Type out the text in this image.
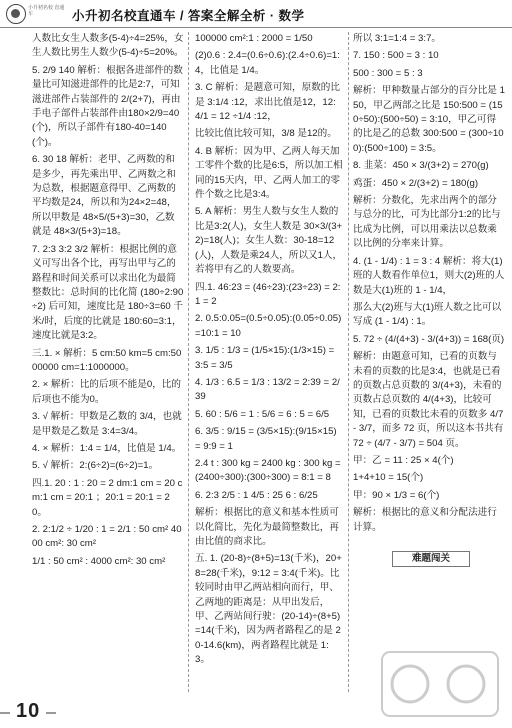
小升初名校 直通车	小升初名校直通车 / 答案全解全析 · 数学

人数比女生人数多(5-4)÷4=25%，女生人数比男生人数少(5-4)÷5=20%。

5. 2/9 140 解析：根据各进部件的数量比可知滋进部件的比是2:7，可知滋进部件占装部件的 2/(2+7)，再由手电子部件占装部件由180×2/9=40(个)，所以子部件有180-40=140(个)。

6. 30 18 解析：老甲、乙两数的和是多少，再先乘出甲、乙两数之和为总数，根据题意得甲、乙两数的平均数是24，所以和为24×2=48，所以甲数是 48×5/(5+3)=30，乙数就是 48×3/(5+3)=18。

7. 2:3 3:2 3/2 解析：根据比例的意义可写出各个比，再写出甲与乙的路程和时间关系可以求出化为最简整数比：总时间的比化简 (180÷2:90÷2) 后可知，速度比是 180÷3=60 千米/时，后度的比就是 180:60=3:1，速度比就是3:2。

三.1. × 解析：5 cm:50 km=5 cm:5000000 cm=1:1000000。

2. × 解析：比的后项不能是0，比的后项也不能为0。

3. √ 解析：甲数是乙数的 3/4，也就是甲数是乙数是 3:4=3/4。

4. × 解析：1:4 = 1/4，比值是 1/4。

5. √ 解析：2:(6÷2)=(6÷2)=1。

四.1. 20 : 1 : 20 = 2 dm:1 cm = 20 cm:1 cm = 20:1 ；20:1 = 20:1 = 20。

2. 2:1/2 ÷ 1/20 : 1 = 2/1 : 50 cm² 4000 cm²: 30 cm²

1/1 : 50 cm² : 4000 cm²: 30 cm²

100000 cm²:1 : 2000 = 1/50

(2)0.6 : 2.4=(0.6÷0.6):(2.4÷0.6)=1:4，比值是 1/4。

3. C 解析：是题意可知，原数的比是 3:1/4 :12，求出比值是12，12:4/1 = 12 ÷1/4 :12，

比较比值比较可知，3/8 是12的。

4. B 解析：因为甲、乙两人每天加工零件个数的比是6:5，所以加工相同的15天内，甲、乙两人加工的零件个数之比是3:4。

5. A 解析：男生人数与女生人数的比是3:2(人)，女生人数是 30×3/(3+2)=18(人)；女生人数：30-18=12(人)，人数是乘24人，所以又1人，若将甲有乙的人数要高。

四.1. 46:23 = (46÷23):(23÷23) = 2:1 = 2

2. 0.5:0.05=(0.5÷0.05):(0.05÷0.05)=10:1 = 10

3. 1/5 : 1/3 = (1/5×15):(1/3×15) = 3:5 = 3/5

4. 1/3 : 6.5 = 1/3 : 13/2 = 2:39 = 2/39

5. 60 : 5/6 = 1 : 5/6 = 6 : 5 = 6/5

6. 3/5 : 9/15 = (3/5×15):(9/15×15) = 9:9 = 1

2.4 t : 300 kg = 2400 kg : 300 kg = (2400÷300):(300÷300) = 8:1 = 8

6. 2:3 2/5 : 1 4/5 : 25 6 : 6/25

解析：根据比的意义和基本性质可以化简比，先化为最简整数比，再由比值的商求比。

五. 1. (20-8)÷(8+5)=13(千米)，20+8=28(千米)，9:12 = 3:4(千米)。比较同时由甲乙两站相向而行，甲、乙两地的距离是：从甲出发后，甲、乙两站间行驶：(20-14)÷(8+5)=14(千米)，因为两者路程乙的是 20-14.6(km)，两者路程比就是 1:3。

所以 3:1=1:4 = 3:7。

7. 150 : 500 = 3 : 10

500 : 300 = 5 : 3

解析：甲种数量占部分的百分比是 150，甲乙两部之比是 150:500 = (150÷50):(500÷50) = 3:10，甲乙可得的比是乙的总数 300:500 = (300÷100):(500÷100) = 3:5。

8. 韭菜：450 × 3/(3+2) = 270(g)

鸡蛋：450 × 2/(3+2) = 180(g)

解析：分数化，先求出两个的部分与总分的比，可为比部分1:2的比与比成为比例，可以用乘法以总数乘以比例的分率来计算。

4. (1 - 1/4) : 1 = 3 : 4 解析：将大(1)班的人数看作单位1，则大(2)班的人数是大(1)班的 1 - 1/4，

那么大(2)班与大(1)班人数之比可以写成 (1 - 1/4) : 1。

5. 72 ÷ (4/(4+3) - 3/(4+3)) = 168(页)

解析：由题意可知，已看的页数与未看的页数的比是3:4，也就是已看的页数占总页数的 3/(4+3)，未看的页数占总页数的 4/(4+3)，比较可知，已看的页数比未看的页数多 4/7 - 3/7，而多 72 页，所以这本书共有 72 ÷ (4/7 - 3/7) = 504 页。

甲：乙 = 11 : 25 × 4(个)

1+4+10 = 15(个)

甲：90 × 1/3 = 6(个)

解析：根据比的意义和分配法进行计算。

难题闯关
10
